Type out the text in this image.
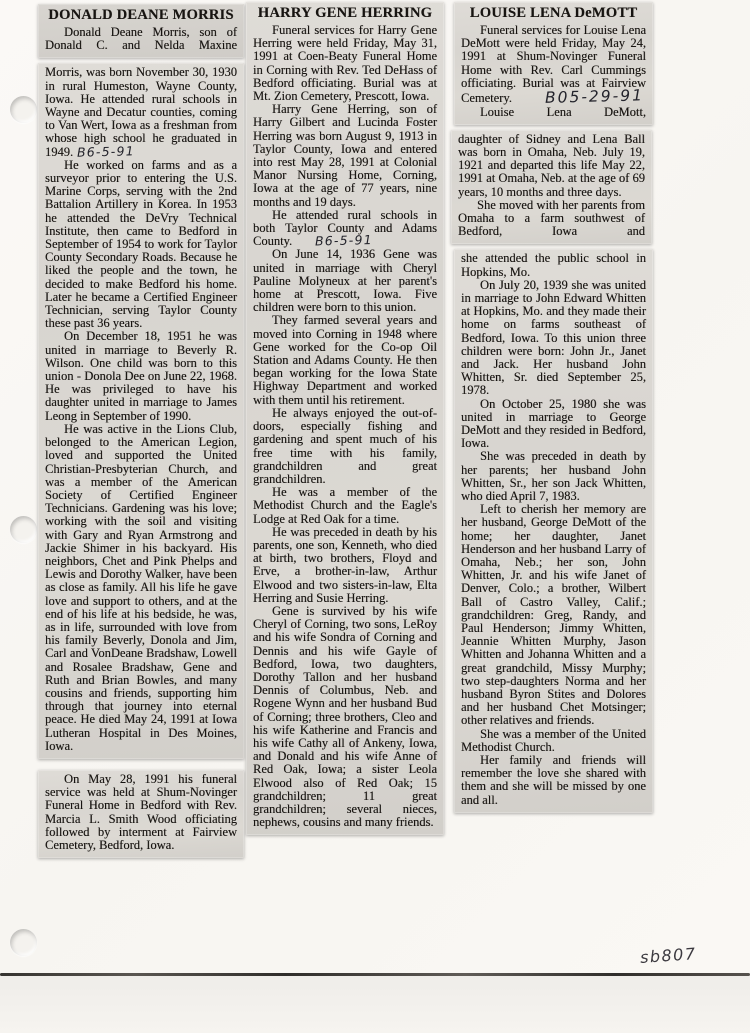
DONALD DEANE MORRIS

Donald Deane Morris, son of Donald C. and Nelda Maxine

Morris, was born November 30, 1930 in rural Humeston, Wayne County, Iowa. He attended rural schools in Wayne and Decatur counties, coming to Van Wert, Iowa as a freshman from whose high school he graduated in 1949. B6-5-91

He worked on farms and as a surveyor prior to entering the U.S. Marine Corps, serving with the 2nd Battalion Artillery in Korea. In 1953 he attended the DeVry Technical Institute, then came to Bedford in September of 1954 to work for Taylor County Secondary Roads. Because he liked the people and the town, he decided to make Bedford his home. Later he became a Certified Engineer Technician, serving Taylor County these past 36 years.

On December 18, 1951 he was united in marriage to Beverly R. Wilson. One child was born to this union - Donola Dee on June 22, 1968. He was privileged to have his daughter united in marriage to James Leong in September of 1990.

He was active in the Lions Club, belonged to the American Legion, loved and supported the United Christian-Presbyterian Church, and was a member of the American Society of Certified Engineer Technicians. Gardening was his love; working with the soil and visiting with Gary and Ryan Armstrong and Jackie Shimer in his backyard. His neighbors, Chet and Pink Phelps and Lewis and Dorothy Walker, have been as close as family. All his life he gave love and support to others, and at the end of his life at his bedside, he was, as in life, surrounded with love from his family Beverly, Donola and Jim, Carl and VonDeane Bradshaw, Lowell and Rosalee Bradshaw, Gene and Ruth and Brian Bowles, and many cousins and friends, supporting him through that journey into eternal peace. He died May 24, 1991 at Iowa Lutheran Hospital in Des Moines, Iowa.

On May 28, 1991 his funeral service was held at Shum-Novinger Funeral Home in Bedford with Rev. Marcia L. Smith Wood officiating followed by interment at Fairview Cemetery, Bedford, Iowa.

HARRY GENE HERRING

Funeral services for Harry Gene Herring were held Friday, May 31, 1991 at Coen-Beaty Funeral Home in Corning with Rev. Ted DeHass of Bedford officiating. Burial was at Mt. Zion Cemetery, Prescott, Iowa.

Harry Gene Herring, son of Harry Gilbert and Lucinda Foster Herring was born August 9, 1913 in Taylor County, Iowa and entered into rest May 28, 1991 at Colonial Manor Nursing Home, Corning, Iowa at the age of 77 years, nine months and 19 days.

He attended rural schools in both Taylor County and Adams County. B6-5-91

On June 14, 1936 Gene was united in marriage with Cheryl Pauline Molyneux at her parent's home at Prescott, Iowa. Five children were born to this union.

They farmed several years and moved into Corning in 1948 where Gene worked for the Co-op Oil Station and Adams County. He then began working for the Iowa State Highway Department and worked with them until his retirement.

He always enjoyed the out-of-doors, especially fishing and gardening and spent much of his free time with his family, grandchildren and great grandchildren.

He was a member of the Methodist Church and the Eagle's Lodge at Red Oak for a time.

He was preceded in death by his parents, one son, Kenneth, who died at birth, two brothers, Floyd and Erve, a brother-in-law, Arthur Elwood and two sisters-in-law, Elta Herring and Susie Herring.

Gene is survived by his wife Cheryl of Corning, two sons, LeRoy and his wife Sondra of Corning and Dennis and his wife Gayle of Bedford, Iowa, two daughters, Dorothy Tallon and her husband Dennis of Columbus, Neb. and Rogene Wynn and her husband Bud of Corning; three brothers, Cleo and his wife Katherine and Francis and his wife Cathy all of Ankeny, Iowa, and Donald and his wife Anne of Red Oak, Iowa; a sister Leola Elwood also of Red Oak; 15 grandchildren; 11 great grandchildren; several nieces, nephews, cousins and many friends.

LOUISE LENA DeMOTT

Funeral services for Louise Lena DeMott were held Friday, May 24, 1991 at Shum-Novinger Funeral Home with Rev. Carl Cummings officiating. Burial was at Fairview Cemetery. B05-29-91

Louise Lena DeMott,

daughter of Sidney and Lena Ball was born in Omaha, Neb. July 19, 1921 and departed this life May 22, 1991 at Omaha, Neb. at the age of 69 years, 10 months and three days.

She moved with her parents from Omaha to a farm southwest of Bedford, Iowa and

she attended the public school in Hopkins, Mo.

On July 20, 1939 she was united in marriage to John Edward Whitten at Hopkins, Mo. and they made their home on farms southeast of Bedford, Iowa. To this union three children were born: John Jr., Janet and Jack. Her husband John Whitten, Sr. died September 25, 1978.

On October 25, 1980 she was united in marriage to George DeMott and they resided in Bedford, Iowa.

She was preceded in death by her parents; her husband John Whitten, Sr., her son Jack Whitten, who died April 7, 1983.

Left to cherish her memory are her husband, George DeMott of the home; her daughter, Janet Henderson and her husband Larry of Omaha, Neb.; her son, John Whitten, Jr. and his wife Janet of Denver, Colo.; a brother, Wilbert Ball of Castro Valley, Calif.; grandchildren: Greg, Randy, and Paul Henderson; Jimmy Whitten, Jeannie Whitten Murphy, Jason Whitten and Johanna Whitten and a great grandchild, Missy Murphy; two step-daughters Norma and her husband Byron Stites and Dolores and her husband Chet Motsinger; other relatives and friends.

She was a member of the United Methodist Church.

Her family and friends will remember the love she shared with them and she will be missed by one and all.

sb807
